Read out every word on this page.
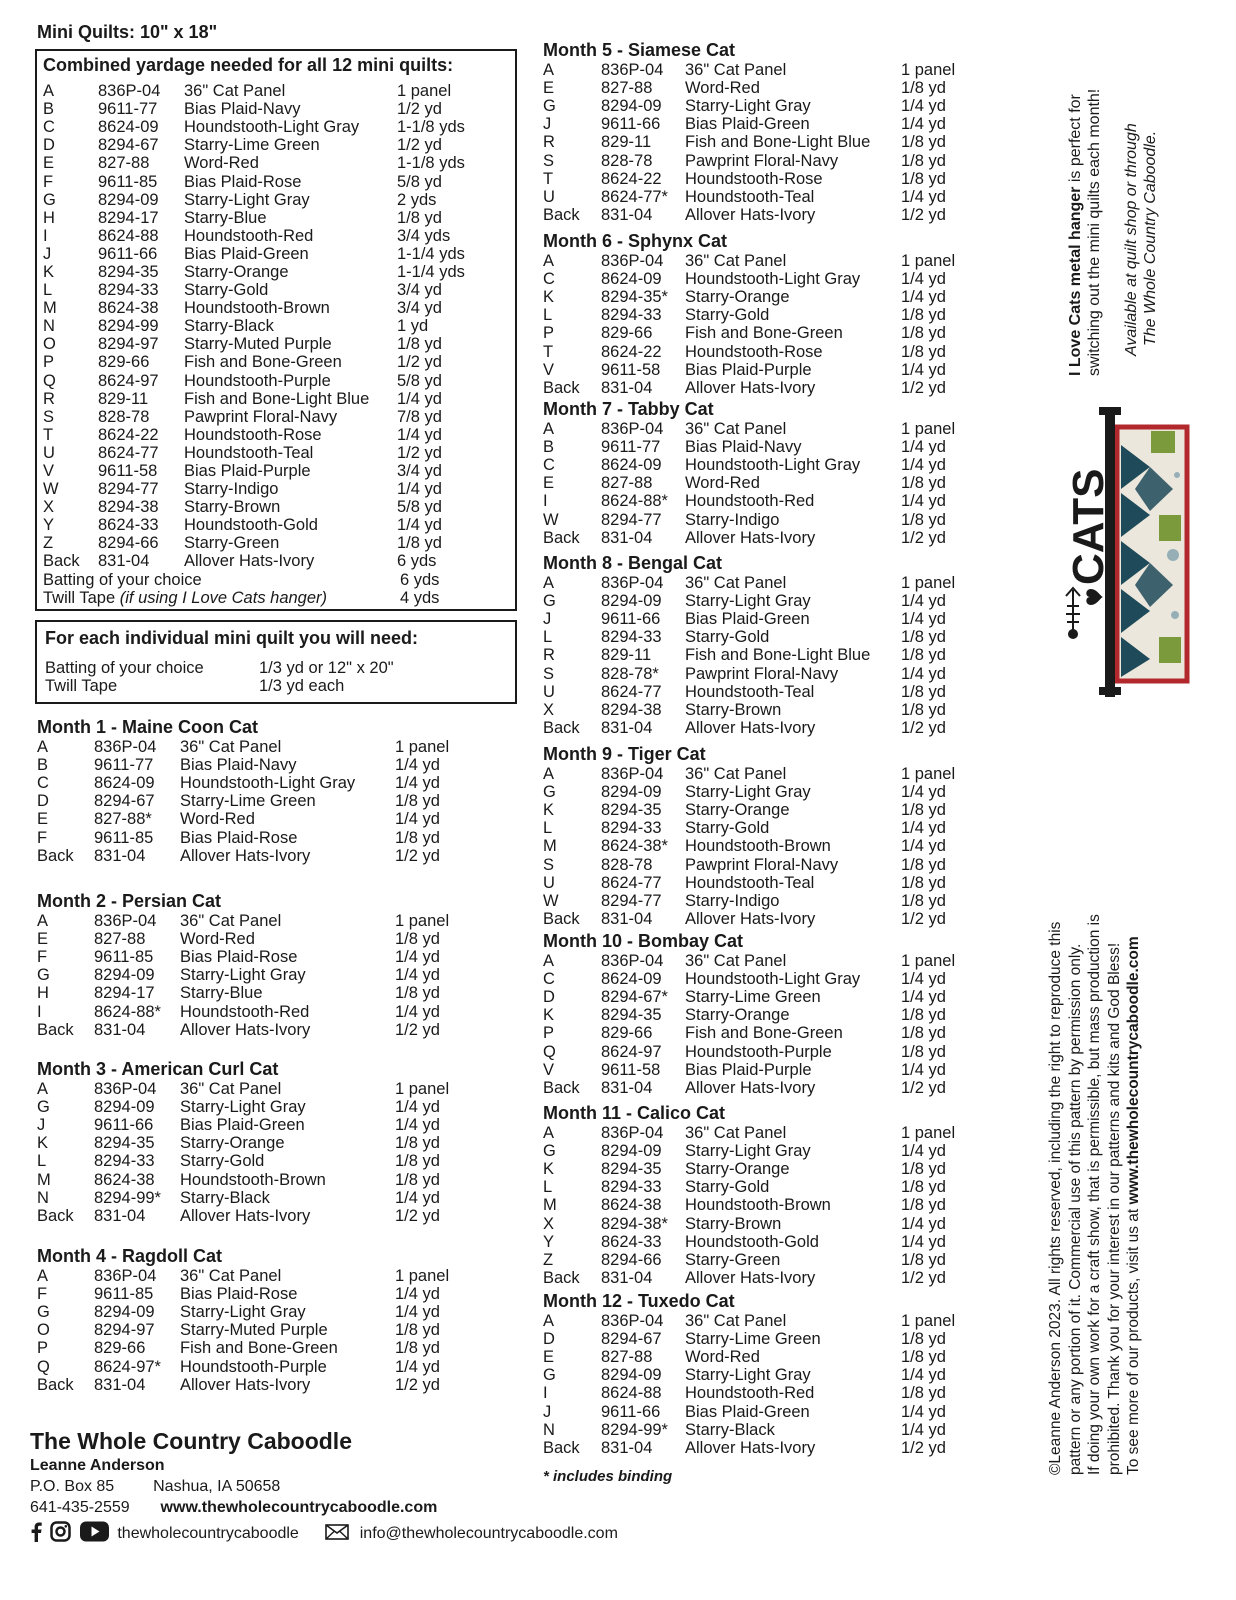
Mini Quilts: 10" x 18"
Combined yardage needed for all 12 mini quilts:
A	836P-04	36" Cat Panel	1 panel
B	9611-77	Bias Plaid-Navy	1/2 yd
C	8624-09	Houndstooth-Light Gray	1-1/8 yds
D	8294-67	Starry-Lime Green	1/2 yd
E	827-88	Word-Red	1-1/8 yds
F	9611-85	Bias Plaid-Rose	5/8 yd
G	8294-09	Starry-Light Gray	2 yds
H	8294-17	Starry-Blue	1/8 yd
I	8624-88	Houndstooth-Red	3/4 yds
J	9611-66	Bias Plaid-Green	1-1/4 yds
K	8294-35	Starry-Orange	1-1/4 yds
L	8294-33	Starry-Gold	3/4 yd
M	8624-38	Houndstooth-Brown	3/4 yd
N	8294-99	Starry-Black	1 yd
O	8294-97	Starry-Muted Purple	1/8 yd
P	829-66	Fish and Bone-Green	1/2 yd
Q	8624-97	Houndstooth-Purple	5/8 yd
R	829-11	Fish and Bone-Light Blue	1/4 yd
S	828-78	Pawprint Floral-Navy	7/8 yd
T	8624-22	Houndstooth-Rose	1/4 yd
U	8624-77	Houndstooth-Teal	1/2 yd
V	9611-58	Bias Plaid-Purple	3/4 yd
W	8294-77	Starry-Indigo	1/4 yd
X	8294-38	Starry-Brown	5/8 yd
Y	8624-33	Houndstooth-Gold	1/4 yd
Z	8294-66	Starry-Green	1/8 yd
Back	831-04	Allover Hats-Ivory	6 yds
Batting of your choice	6 yds
Twill Tape (if using I Love Cats hanger)	4 yds
For each individual mini quilt you will need:
Batting of your choice	1/3 yd or 12" x 20"
Twill Tape	1/3 yd each
Month 1 - Maine Coon Cat
A	836P-04	36" Cat Panel	1 panel
B	9611-77	Bias Plaid-Navy	1/4 yd
C	8624-09	Houndstooth-Light Gray	1/4 yd
D	8294-67	Starry-Lime Green	1/8 yd
E	827-88*	Word-Red	1/4 yd
F	9611-85	Bias Plaid-Rose	1/8 yd
Back	831-04	Allover Hats-Ivory	1/2 yd
Month 2 - Persian Cat
A	836P-04	36" Cat Panel	1 panel
E	827-88	Word-Red	1/8 yd
F	9611-85	Bias Plaid-Rose	1/4 yd
G	8294-09	Starry-Light Gray	1/4 yd
H	8294-17	Starry-Blue	1/8 yd
I	8624-88*	Houndstooth-Red	1/4 yd
Back	831-04	Allover Hats-Ivory	1/2 yd
Month 3 - American Curl Cat
A	836P-04	36" Cat Panel	1 panel
G	8294-09	Starry-Light Gray	1/4 yd
J	9611-66	Bias Plaid-Green	1/4 yd
K	8294-35	Starry-Orange	1/8 yd
L	8294-33	Starry-Gold	1/8 yd
M	8624-38	Houndstooth-Brown	1/8 yd
N	8294-99*	Starry-Black	1/4 yd
Back	831-04	Allover Hats-Ivory	1/2 yd
Month 4 - Ragdoll Cat
A	836P-04	36" Cat Panel	1 panel
F	9611-85	Bias Plaid-Rose	1/4 yd
G	8294-09	Starry-Light Gray	1/4 yd
O	8294-97	Starry-Muted Purple	1/8 yd
P	829-66	Fish and Bone-Green	1/8 yd
Q	8624-97*	Houndstooth-Purple	1/4 yd
Back	831-04	Allover Hats-Ivory	1/2 yd
Month 5 - Siamese Cat
A	836P-04	36" Cat Panel	1 panel
E	827-88	Word-Red	1/8 yd
G	8294-09	Starry-Light Gray	1/4 yd
J	9611-66	Bias Plaid-Green	1/4 yd
R	829-11	Fish and Bone-Light Blue	1/8 yd
S	828-78	Pawprint Floral-Navy	1/8 yd
T	8624-22	Houndstooth-Rose	1/8 yd
U	8624-77*	Houndstooth-Teal	1/4 yd
Back	831-04	Allover Hats-Ivory	1/2 yd
Month 6 - Sphynx Cat
A	836P-04	36" Cat Panel	1 panel
C	8624-09	Houndstooth-Light Gray	1/4 yd
K	8294-35*	Starry-Orange	1/4 yd
L	8294-33	Starry-Gold	1/8 yd
P	829-66	Fish and Bone-Green	1/8 yd
T	8624-22	Houndstooth-Rose	1/8 yd
V	9611-58	Bias Plaid-Purple	1/4 yd
Back	831-04	Allover Hats-Ivory	1/2 yd
Month 7 - Tabby Cat
A	836P-04	36" Cat Panel	1 panel
B	9611-77	Bias Plaid-Navy	1/4 yd
C	8624-09	Houndstooth-Light Gray	1/4 yd
E	827-88	Word-Red	1/8 yd
I	8624-88*	Houndstooth-Red	1/4 yd
W	8294-77	Starry-Indigo	1/8 yd
Back	831-04	Allover Hats-Ivory	1/2 yd
Month 8 - Bengal Cat
A	836P-04	36" Cat Panel	1 panel
G	8294-09	Starry-Light Gray	1/4 yd
J	9611-66	Bias Plaid-Green	1/4 yd
L	8294-33	Starry-Gold	1/8 yd
R	829-11	Fish and Bone-Light Blue	1/8 yd
S	828-78*	Pawprint Floral-Navy	1/4 yd
U	8624-77	Houndstooth-Teal	1/8 yd
X	8294-38	Starry-Brown	1/8 yd
Back	831-04	Allover Hats-Ivory	1/2 yd
Month 9 - Tiger Cat
A	836P-04	36" Cat Panel	1 panel
G	8294-09	Starry-Light Gray	1/4 yd
K	8294-35	Starry-Orange	1/8 yd
L	8294-33	Starry-Gold	1/4 yd
M	8624-38*	Houndstooth-Brown	1/4 yd
S	828-78	Pawprint Floral-Navy	1/8 yd
U	8624-77	Houndstooth-Teal	1/8 yd
W	8294-77	Starry-Indigo	1/8 yd
Back	831-04	Allover Hats-Ivory	1/2 yd
Month 10 - Bombay Cat
A	836P-04	36" Cat Panel	1 panel
C	8624-09	Houndstooth-Light Gray	1/4 yd
D	8294-67*	Starry-Lime Green	1/4 yd
K	8294-35	Starry-Orange	1/8 yd
P	829-66	Fish and Bone-Green	1/8 yd
Q	8624-97	Houndstooth-Purple	1/8 yd
V	9611-58	Bias Plaid-Purple	1/4 yd
Back	831-04	Allover Hats-Ivory	1/2 yd
Month 11 - Calico Cat
A	836P-04	36" Cat Panel	1 panel
G	8294-09	Starry-Light Gray	1/4 yd
K	8294-35	Starry-Orange	1/8 yd
L	8294-33	Starry-Gold	1/8 yd
M	8624-38	Houndstooth-Brown	1/8 yd
X	8294-38*	Starry-Brown	1/4 yd
Y	8624-33	Houndstooth-Gold	1/4 yd
Z	8294-66	Starry-Green	1/8 yd
Back	831-04	Allover Hats-Ivory	1/2 yd
Month 12 - Tuxedo Cat
A	836P-04	36" Cat Panel	1 panel
D	8294-67	Starry-Lime Green	1/8 yd
E	827-88	Word-Red	1/8 yd
G	8294-09	Starry-Light Gray	1/4 yd
I	8624-88	Houndstooth-Red	1/8 yd
J	9611-66	Bias Plaid-Green	1/4 yd
N	8294-99*	Starry-Black	1/4 yd
Back	831-04	Allover Hats-Ivory	1/2 yd
* includes binding
The Whole Country Caboodle
Leanne Anderson
P.O. Box 85 Nashua, IA 50658
641-435-2559 www.thewholecountrycaboodle.com
thewholecountrycaboodle	info@thewholecountrycaboodle.com
I Love Cats metal hanger is perfect for switching out the mini quilts each month! Available at quilt shop or through The Whole Country Caboodle.
CATS
©Leanne Anderson 2023. All rights reserved, including the right to reproduce this pattern or any portion of it. Commercial use of this pattern by permission only. If doing your own work for a craft show, that is permissible, but mass production is prohibited. Thank you for your interest in our patterns and kits and God Bless! To see more of our products, visit us at www.thewholecountrycaboodle.com
